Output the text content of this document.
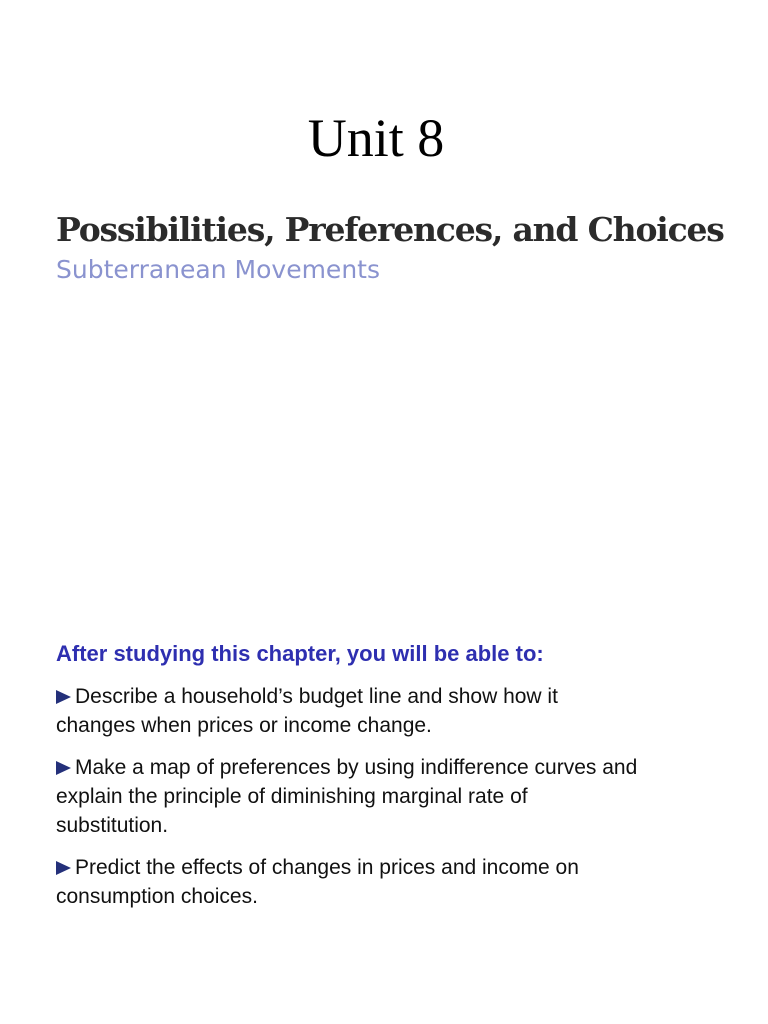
Unit 8
Possibilities, Preferences, and Choices
Subterranean Movements
After studying this chapter, you will be able to:
Describe a household’s budget line and show how it
changes when prices or income change.
Make a map of preferences by using indifference curves and
explain the principle of diminishing marginal rate of
substitution.
Predict the effects of changes in prices and income on
consumption choices.
